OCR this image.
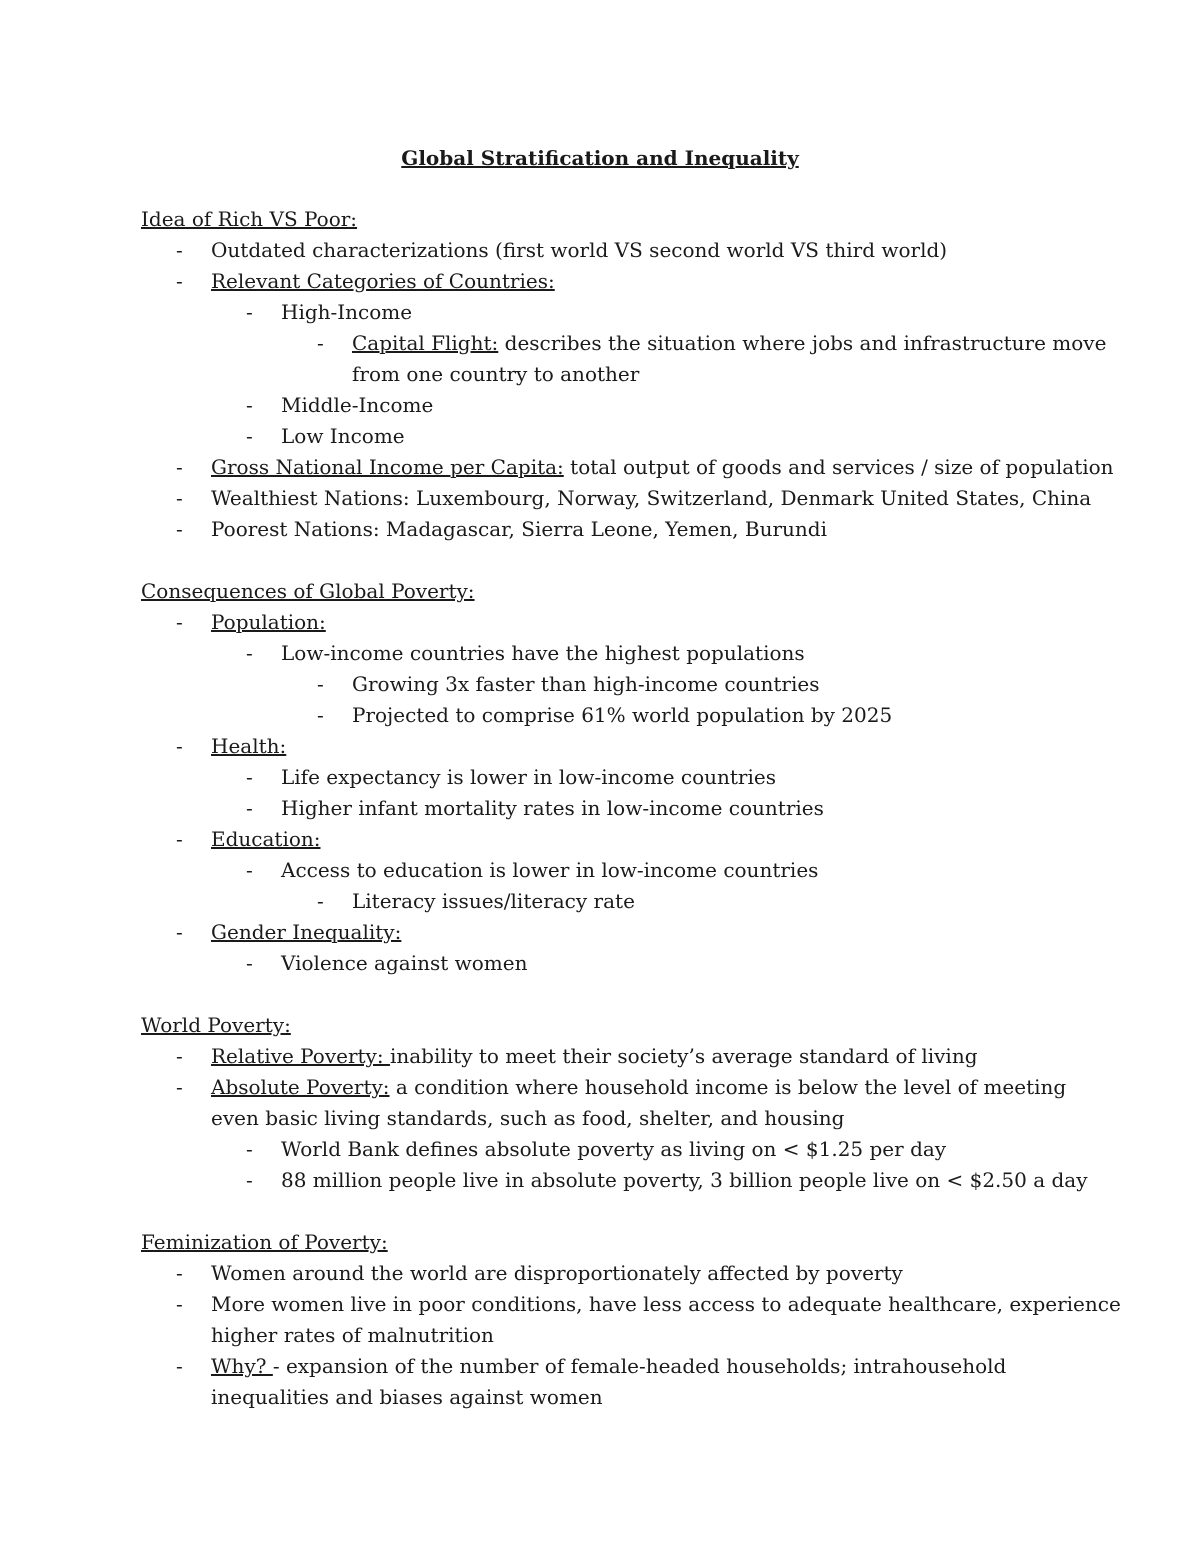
Global Stratification and Inequality
Idea of Rich VS Poor:
- Outdated characterizations (first world VS second world VS third world)
- Relevant Categories of Countries:
- High-Income
- Capital Flight: describes the situation where jobs and infrastructure move
from one country to another
- Middle-Income
- Low Income
- Gross National Income per Capita: total output of goods and services / size of population
- Wealthiest Nations: Luxembourg, Norway, Switzerland, Denmark United States, China
- Poorest Nations: Madagascar, Sierra Leone, Yemen, Burundi
Consequences of Global Poverty:
- Population:
- Low-income countries have the highest populations
- Growing 3x faster than high-income countries
- Projected to comprise 61% world population by 2025
- Health:
- Life expectancy is lower in low-income countries
- Higher infant mortality rates in low-income countries
- Education:
- Access to education is lower in low-income countries
- Literacy issues/literacy rate
- Gender Inequality:
- Violence against women
World Poverty:
- Relative Poverty: inability to meet their society’s average standard of living
- Absolute Poverty: a condition where household income is below the level of meeting
even basic living standards, such as food, shelter, and housing
- World Bank defines absolute poverty as living on < $1.25 per day
- 88 million people live in absolute poverty, 3 billion people live on < $2.50 a day
Feminization of Poverty:
- Women around the world are disproportionately affected by poverty
- More women live in poor conditions, have less access to adequate healthcare, experience
higher rates of malnutrition
- Why? - expansion of the number of female-headed households; intrahousehold
inequalities and biases against women
